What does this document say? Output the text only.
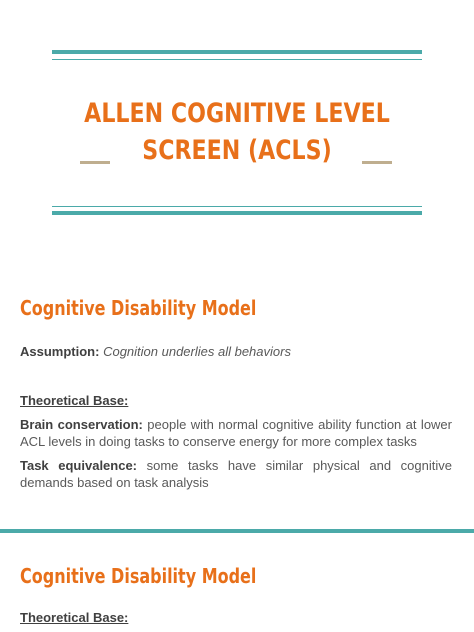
ALLEN COGNITIVE LEVEL
SCREEN (ACLS)
Cognitive Disability Model

Assumption: Cognition underlies all behaviors

Theoretical Base:

Brain conservation: people with normal cognitive ability function at lower ACL levels in doing tasks to conserve energy for more complex tasks

Task equivalence: some tasks have similar physical and cognitive demands based on task analysis

Cognitive Disability Model

Theoretical Base:
